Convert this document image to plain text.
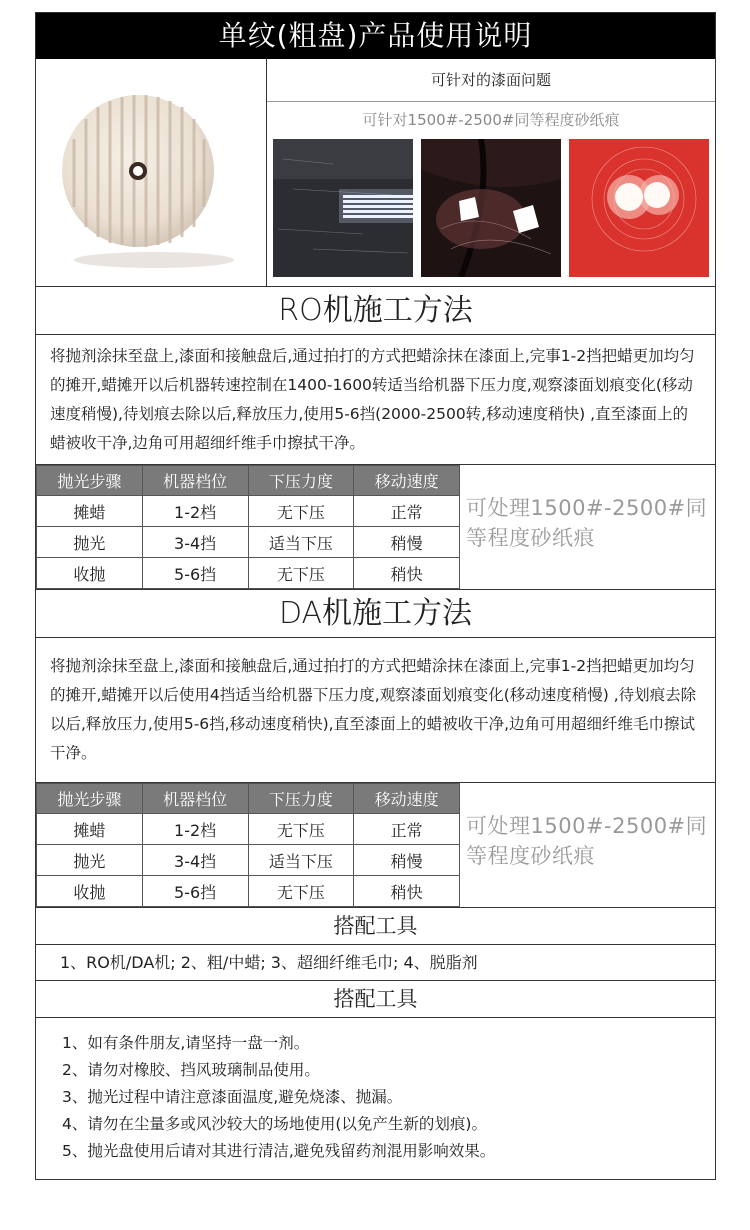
单纹(粗盘)产品使用说明
可针对的漆面问题
可针对1500#-2500#同等程度砂纸痕
RO机施工方法
将抛剂涂抹至盘上,漆面和接触盘后,通过拍打的方式把蜡涂抹在漆面上,完事1-2挡把蜡更加均匀的摊开,蜡摊开以后机器转速控制在1400-1600转适当给机器下压力度,观察漆面划痕变化(移动速度稍慢),待划痕去除以后,释放压力,使用5-6挡(2000-2500转,移动速度稍快) ,直至漆面上的蜡被收干净,边角可用超细纤维手巾擦拭干净。
抛光步骤	机器档位	下压力度	移动速度
摊蜡	1-2档	无下压	正常
抛光	3-4挡	适当下压	稍慢
收抛	5-6挡	无下压	稍快
可处理1500#-2500#同等程度砂纸痕
DA机施工方法
将抛剂涂抹至盘上,漆面和接触盘后,通过拍打的方式把蜡涂抹在漆面上,完事1-2挡把蜡更加均匀的摊开,蜡摊开以后使用4挡适当给机器下压力度,观察漆面划痕变化(移动速度稍慢) ,待划痕去除以后,释放压力,使用5-6挡,移动速度稍快),直至漆面上的蜡被收干净,边角可用超细纤维毛巾擦试干净。
抛光步骤	机器档位	下压力度	移动速度
摊蜡	1-2档	无下压	正常
抛光	3-4挡	适当下压	稍慢
收抛	5-6挡	无下压	稍快
可处理1500#-2500#同等程度砂纸痕
搭配工具
1、RO机/DA机; 2、粗/中蜡; 3、超细纤维毛巾; 4、脱脂剂
搭配工具
1、如有条件朋友,请坚持一盘一剂。
2、请勿对橡胶、挡风玻璃制品使用。
3、抛光过程中请注意漆面温度,避免烧漆、抛漏。
4、请勿在尘量多或风沙较大的场地使用(以免产生新的划痕)。
5、抛光盘使用后请对其进行清洁,避免残留药剂混用影响效果。
